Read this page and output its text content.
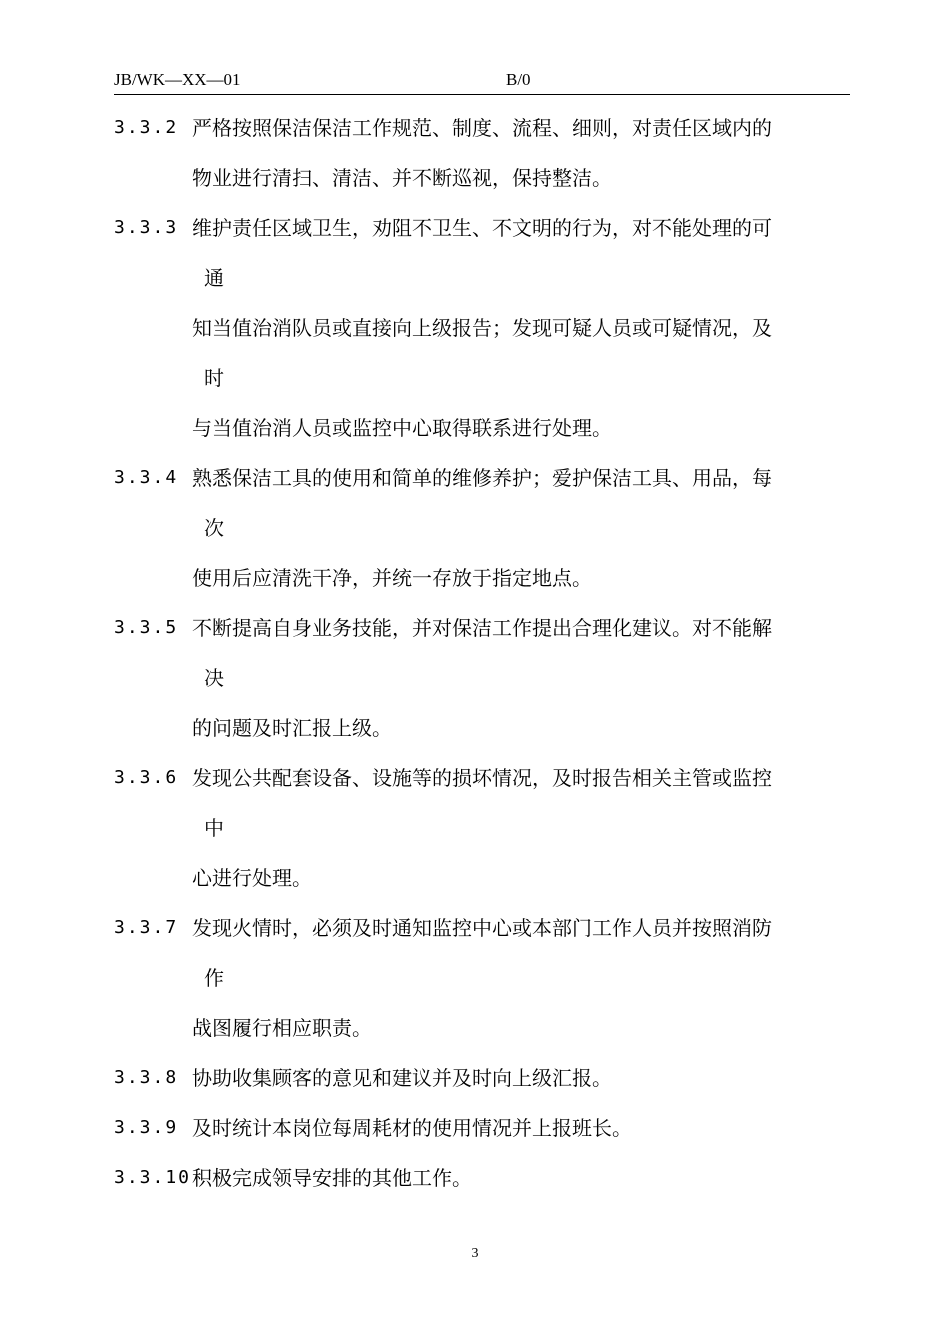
JB/WK—XX—01	B/0
3.3.2 严格按照保洁保洁工作规范、制度、流程、细则，对责任区域内的
物业进行清扫、清洁、并不断巡视，保持整洁。
3.3.3 维护责任区域卫生，劝阻不卫生、不文明的行为，对不能处理的可
通
知当值治消队员或直接向上级报告；发现可疑人员或可疑情况，及
时
与当值治消人员或监控中心取得联系进行处理。
3.3.4 熟悉保洁工具的使用和简单的维修养护；爱护保洁工具、用品，每
次
使用后应清洗干净，并统一存放于指定地点。
3.3.5 不断提高自身业务技能，并对保洁工作提出合理化建议。对不能解
决
的问题及时汇报上级。
3.3.6 发现公共配套设备、设施等的损坏情况，及时报告相关主管或监控
中
心进行处理。
3.3.7 发现火情时，必须及时通知监控中心或本部门工作人员并按照消防
作
战图履行相应职责。
3.3.8 协助收集顾客的意见和建议并及时向上级汇报。
3.3.9 及时统计本岗位每周耗材的使用情况并上报班长。
3.3.10 积极完成领导安排的其他工作。
3
